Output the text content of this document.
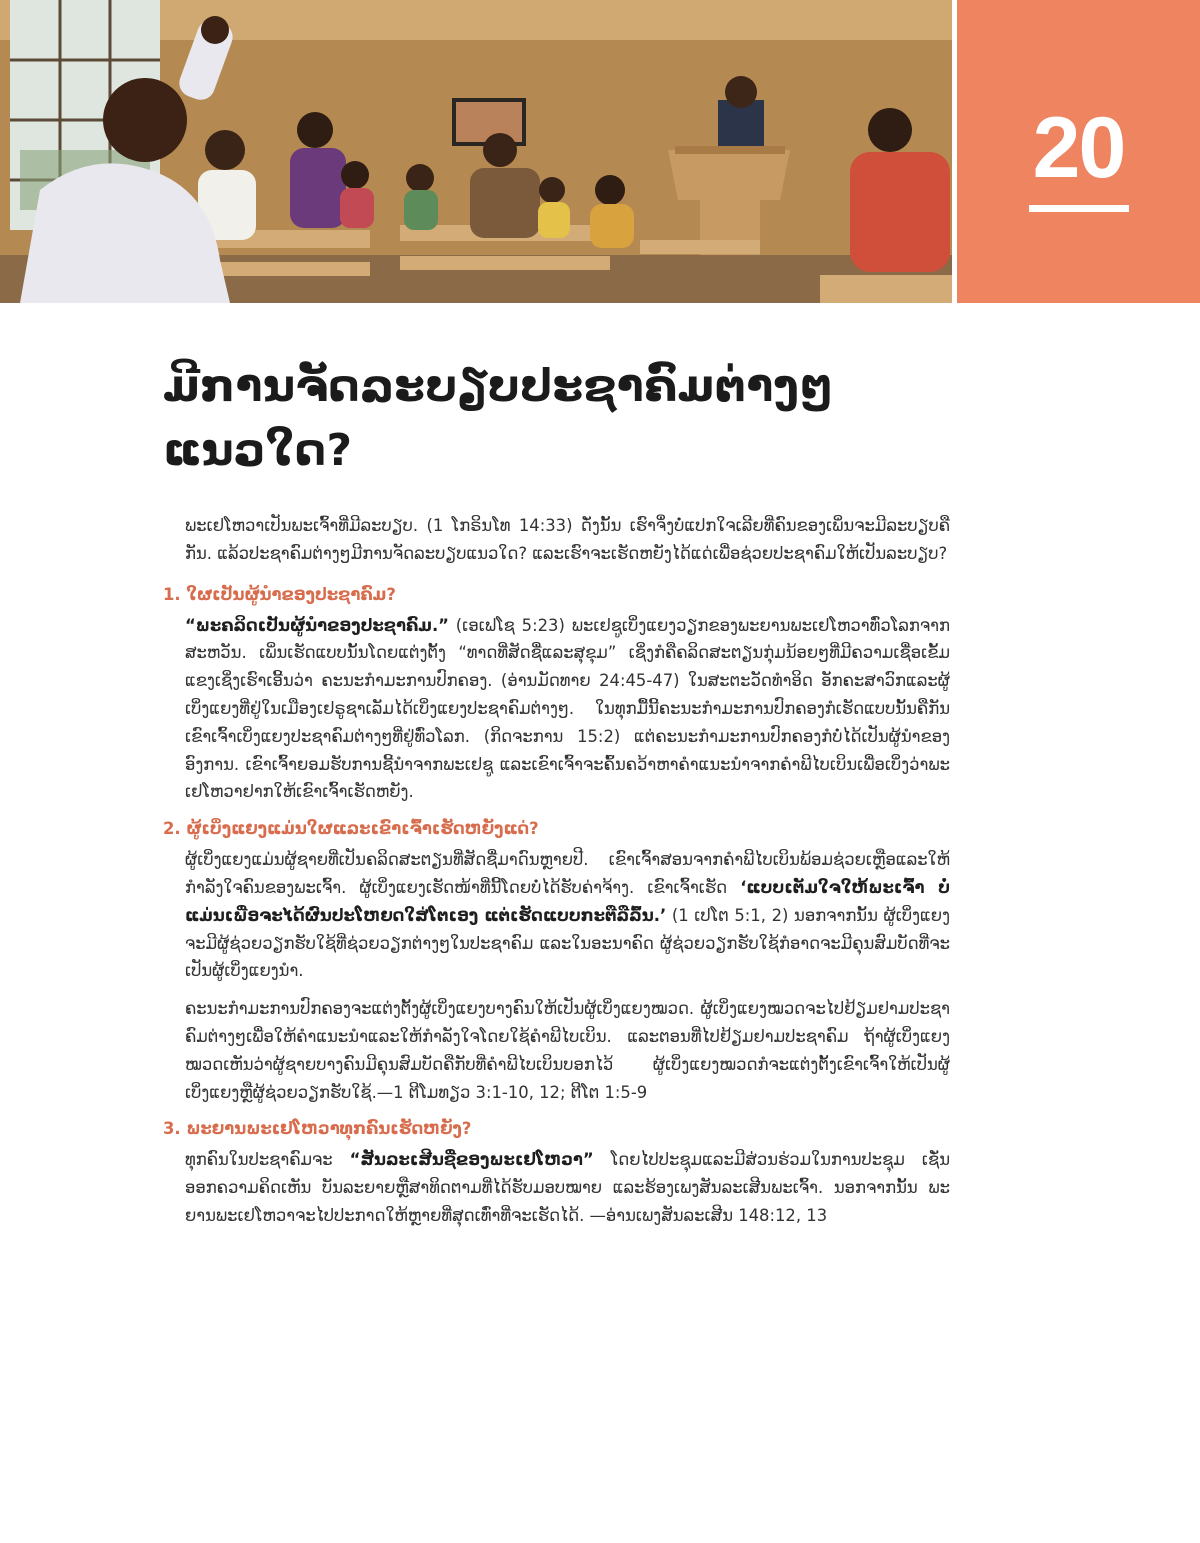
20
ມີການຈັດລະບຽບປະຊາຄົມຕ່າງໆ
ແນວໃດ?

ພະເຢໂຫວາເປັນພະເຈົ້າທີ່ມີລະບຽບ. (1 ໂກຣິນໂທ 14:33) ດັ່ງນັ້ນ ເຮົາຈຶ່ງບໍ່ແປກໃຈເລີຍທີ່ຄົນຂອງເພິ່ນຈະມີລະບຽບຄືກັນ. ແລ້ວປະຊາຄົມຕ່າງໆມີການຈັດລະບຽບແນວໃດ? ແລະເຮົາຈະເຮັດຫຍັງໄດ້ແດ່ເພື່ອຊ່ວຍປະຊາຄົມໃຫ້ເປັນລະບຽບ?

1. ໃຜເປັນຜູ້ນຳຂອງປະຊາຄົມ?

“ພະຄລິດເປັນຜູ້ນຳຂອງປະຊາຄົມ.” (ເອເຟໂຊ 5:23) ພະເຢຊູເບິ່ງແຍງວຽກຂອງພະຍານພະເຢໂຫວາທົ່ວໂລກຈາກສະຫວັນ. ເພິ່ນເຮັດແບບນັ້ນໂດຍແຕ່ງຕັ້ງ “ທາດທີ່ສັດຊື່ແລະສຸຂຸມ” ເຊິ່ງກໍຄືຄລິດສະຕຽນກຸ່ມນ້ອຍໆທີ່ມີຄວາມເຊື່ອເຂັ້ມແຂງເຊິ່ງເຮົາເອີ້ນວ່າ ຄະນະກຳມະການປົກຄອງ. (ອ່ານມັດທາຍ 24:45-47) ໃນສະຕະວັດທຳອິດ ອັກຄະສາວົກແລະຜູ້ເບິ່ງແຍງທີ່ຢູ່ໃນເມືອງເຢຣູຊາເລັມໄດ້ເບິ່ງແຍງປະຊາຄົມຕ່າງໆ. ໃນທຸກມື້ນີ້ຄະນະກຳມະການປົກຄອງກໍເຮັດແບບນັ້ນຄືກັນ ເຂົາເຈົ້າເບິ່ງແຍງປະຊາຄົມຕ່າງໆທີ່ຢູ່ທົ່ວໂລກ. (ກິດຈະການ 15:2) ແຕ່ຄະນະກຳມະການປົກຄອງກໍບໍ່ໄດ້ເປັນຜູ້ນຳຂອງອົງການ. ເຂົາເຈົ້າຍອມຮັບການຊີ້ນຳຈາກພະເຢຊູ ແລະເຂົາເຈົ້າຈະຄົ້ນຄວ້າຫາຄຳແນະນຳຈາກຄຳພີໄບເບິນເພື່ອເບິ່ງວ່າພະເຢໂຫວາຢາກໃຫ້ເຂົາເຈົ້າເຮັດຫຍັງ.

2. ຜູ້ເບິ່ງແຍງແມ່ນໃຜແລະເຂົາເຈົ້າເຮັດຫຍັງແດ່?

ຜູ້ເບິ່ງແຍງແມ່ນຜູ້ຊາຍທີ່ເປັນຄລິດສະຕຽນທີ່ສັດຊື່ມາດົນຫຼາຍປີ. ເຂົາເຈົ້າສອນຈາກຄຳພີໄບເບິນພ້ອມຊ່ວຍເຫຼືອແລະໃຫ້ກຳລັງໃຈຄົນຂອງພະເຈົ້າ. ຜູ້ເບິ່ງແຍງເຮັດໜ້າທີ່ນີ້ໂດຍບໍ່ໄດ້ຮັບຄ່າຈ້າງ. ເຂົາເຈົ້າເຮັດ ‘ແບບເຕັມໃຈໃຫ້ພະເຈົ້າ ບໍ່ແມ່ນເພື່ອຈະໄດ້ຜົນປະໂຫຍດໃສ່ໂຕເອງ ແຕ່ເຮັດແບບກະຕືລືລົ້ນ.’ (1 ເປໂຕ 5:1, 2) ນອກຈາກນັ້ນ ຜູ້ເບິ່ງແຍງຈະມີຜູ້ຊ່ວຍວຽກຮັບໃຊ້ທີ່ຊ່ວຍວຽກຕ່າງໆໃນປະຊາຄົມ ແລະໃນອະນາຄົດ ຜູ້ຊ່ວຍວຽກຮັບໃຊ້ກໍອາດຈະມີຄຸນສົມບັດທີ່ຈະເປັນຜູ້ເບິ່ງແຍງນຳ.

ຄະນະກຳມະການປົກຄອງຈະແຕ່ງຕັ້ງຜູ້ເບິ່ງແຍງບາງຄົນໃຫ້ເປັນຜູ້ເບິ່ງແຍງໝວດ. ຜູ້ເບິ່ງແຍງໝວດຈະໄປຢ້ຽມຢາມປະຊາຄົມຕ່າງໆເພື່ອໃຫ້ຄຳແນະນຳແລະໃຫ້ກຳລັງໃຈໂດຍໃຊ້ຄຳພີໄບເບິນ. ແລະຕອນທີ່ໄປຢ້ຽມຢາມປະຊາຄົມ ຖ້າຜູ້ເບິ່ງແຍງໝວດເຫັນວ່າຜູ້ຊາຍບາງຄົນມີຄຸນສົມບັດຄືກັບທີ່ຄຳພີໄບເບິນບອກໄວ້ ຜູ້ເບິ່ງແຍງໝວດກໍຈະແຕ່ງຕັ້ງເຂົາເຈົ້າໃຫ້ເປັນຜູ້ເບິ່ງແຍງຫຼືຜູ້ຊ່ວຍວຽກຮັບໃຊ້.—1 ຕີໂມທຽວ 3:1-10, 12; ຕີໂຕ 1:5-9

3. ພະຍານພະເຢໂຫວາທຸກຄົນເຮັດຫຍັງ?

ທຸກຄົນໃນປະຊາຄົມຈະ “ສັນລະເສີນຊື່ຂອງພະເຢໂຫວາ” ໂດຍໄປປະຊຸມແລະມີສ່ວນຮ່ວມໃນການປະຊຸມ ເຊັ່ນ ອອກຄວາມຄິດເຫັນ ບັນລະຍາຍຫຼືສາທິດຕາມທີ່ໄດ້ຮັບມອບໝາຍ ແລະຮ້ອງເພງສັນລະເສີນພະເຈົ້າ. ນອກຈາກນັ້ນ ພະຍານພະເຢໂຫວາຈະໄປປະກາດໃຫ້ຫຼາຍທີ່ສຸດເທົ່າທີ່ຈະເຮັດໄດ້. —ອ່ານເພງສັນລະເສີນ 148:12, 13
